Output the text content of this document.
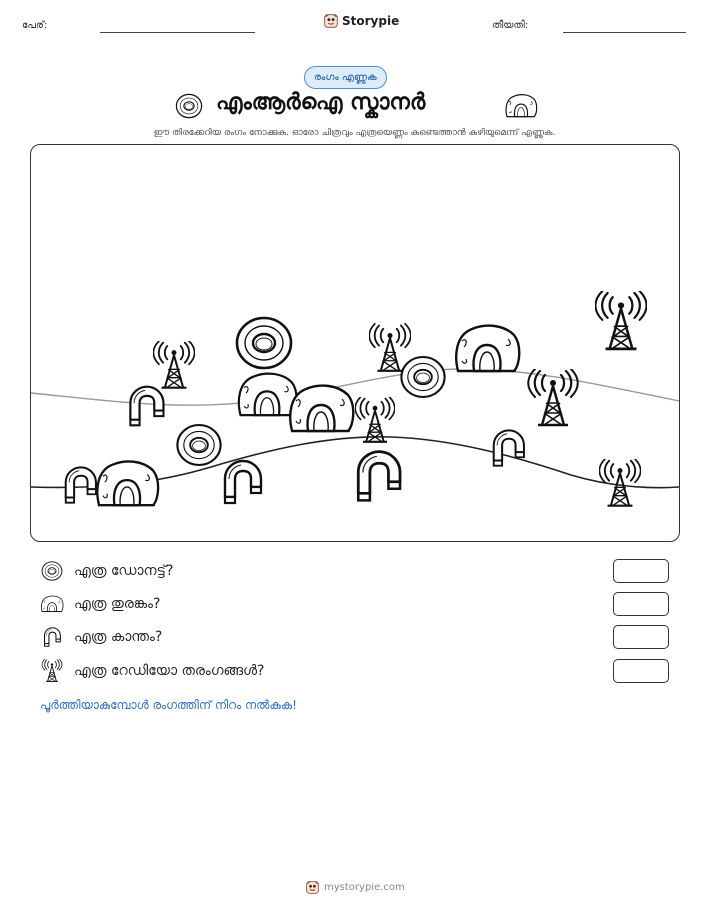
പേര്:	Storypie	തീയതി:
രംഗം എണ്ണുക
എംആർഐ സ്കാനർ
ഈ തിരക്കേറിയ രംഗം നോക്കുക. ഓരോ ചിത്രവും എത്രയെണ്ണം കണ്ടെത്താൻ കഴിയുമെന്ന് എണ്ണുക.
എത്ര ഡോനട്ട്?
എത്ര തുരങ്കം?
എത്ര കാന്തം?
എത്ര റേഡിയോ തരംഗങ്ങൾ?
പൂർത്തിയാകുമ്പോൾ രംഗത്തിന് നിറം നൽകുക!
mystorypie.com
